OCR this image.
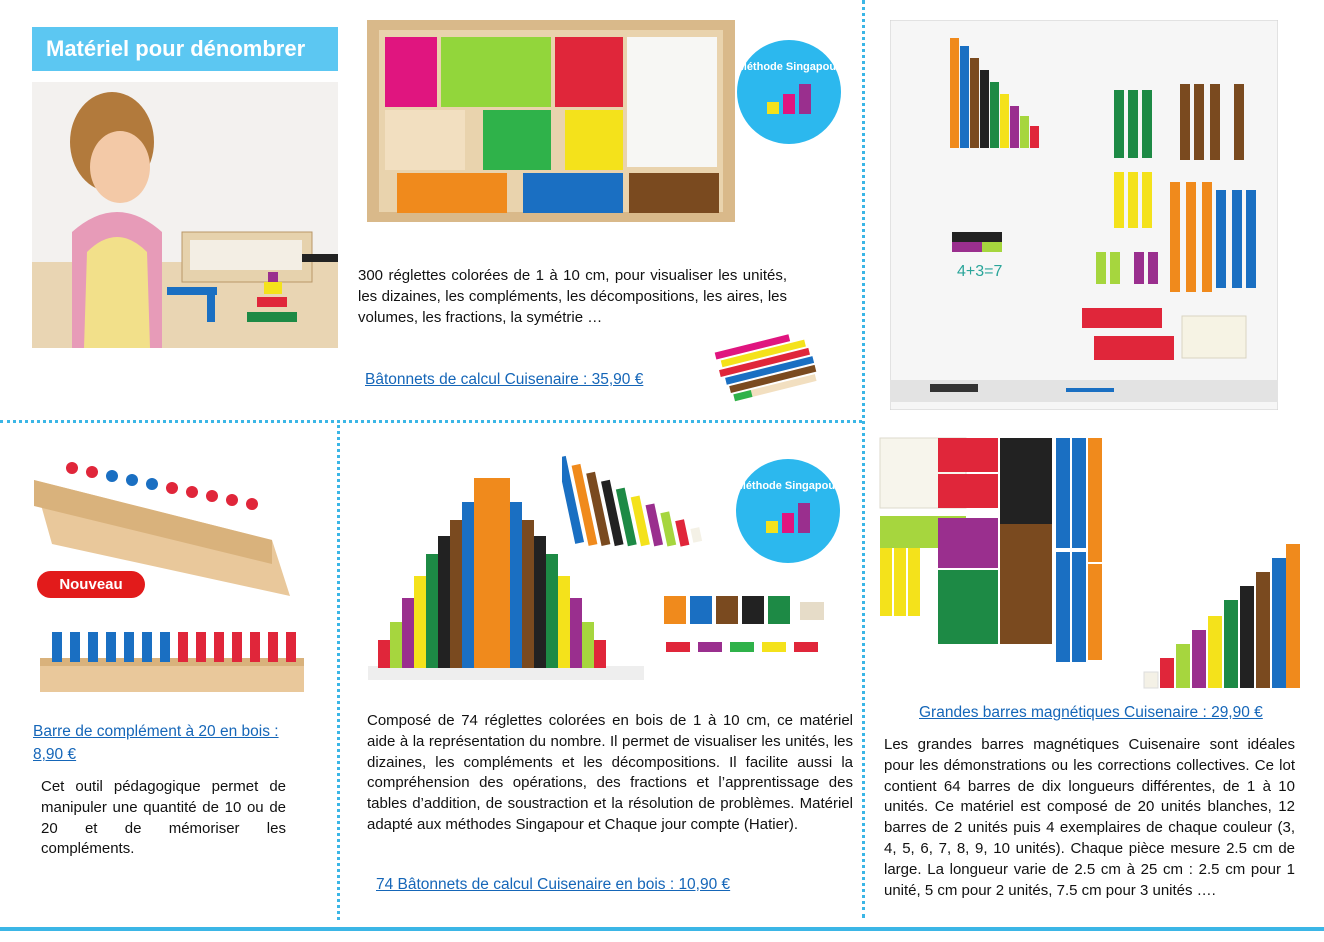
Matériel pour dénombrer
Méthode Singapour
300 réglettes colorées de 1 à 10 cm, pour visualiser les unités, les dizaines, les compléments, les décompositions, les aires, les volumes, les fractions, la symétrie …
Bâtonnets de calcul Cuisenaire : 35,90 €
4+3=7
Nouveau
Barre de complément à 20 en bois :
8,90 €
Cet outil pédagogique permet de manipuler une quantité de 10 ou de 20 et de mémoriser les compléments.
Méthode Singapour
Composé de 74 réglettes colorées en bois de 1 à 10 cm, ce matériel aide à la représentation du nombre. Il permet de visualiser les unités, les dizaines, les compléments et les décompositions. Il facilite aussi la compréhension des opérations, des fractions et l’apprentissage des tables d’addition, de soustraction et la résolution de problèmes. Matériel adapté aux méthodes Singapour et Chaque jour compte (Hatier).
74 Bâtonnets de calcul Cuisenaire en bois : 10,90 €
Grandes barres magnétiques Cuisenaire : 29,90 €
Les grandes barres magnétiques Cuisenaire sont idéales pour les démonstrations ou les corrections collectives. Ce lot contient 64 barres de dix longueurs différentes, de 1 à 10 unités. Ce matériel est composé de 20 unités blanches, 12 barres de 2 unités puis 4 exemplaires de chaque couleur (3, 4, 5, 6, 7, 8, 9, 10 unités). Chaque pièce mesure 2.5 cm de large. La longueur varie de 2.5 cm à 25 cm : 2.5 cm pour 1 unité, 5 cm pour 2 unités, 7.5 cm pour 3 unités ….
